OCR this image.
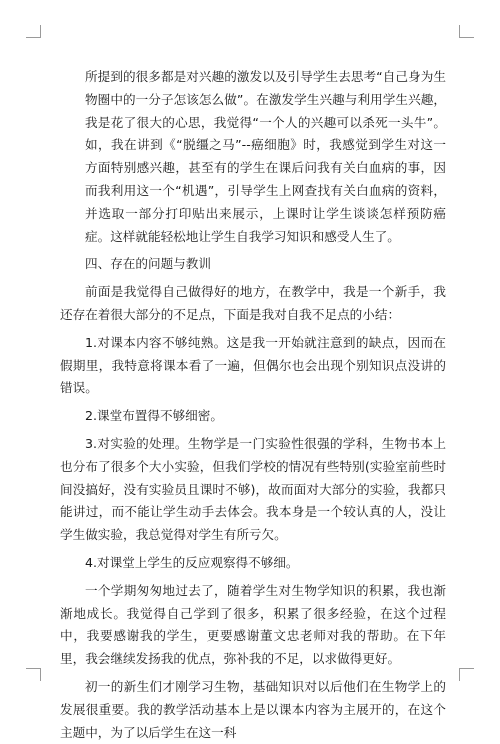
所提到的很多都是对兴趣的激发以及引导学生去思考“自己身为生物圈中的一分子怎该怎么做”。在激发学生兴趣与利用学生兴趣，我是花了很大的心思，我觉得“一个人的兴趣可以杀死一头牛”。如，我在讲到《“脱缰之马”--癌细胞》时，我感觉到学生对这一方面特别感兴趣，甚至有的学生在课后问我有关白血病的事，因而我利用这一个“机遇”，引导学生上网查找有关白血病的资料，并选取一部分打印贴出来展示，上课时让学生谈谈怎样预防癌症。这样就能轻松地让学生自我学习知识和感受人生了。

四、存在的问题与教训

前面是我觉得自己做得好的地方，在教学中，我是一个新手，我还存在着很大部分的不足点，下面是我对自我不足点的小结：

1.对课本内容不够纯熟。这是我一开始就注意到的缺点，因而在假期里，我特意将课本看了一遍，但偶尔也会出现个别知识点没讲的错误。

2.课堂布置得不够细密。

3.对实验的处理。生物学是一门实验性很强的学科，生物书本上也分布了很多个大小实验，但我们学校的情况有些特别(实验室前些时间没搞好，没有实验员且课时不够)，故而面对大部分的实验，我都只能讲过，而不能让学生动手去体会。我本身是一个较认真的人，没让学生做实验，我总觉得对学生有所亏欠。

4.对课堂上学生的反应观察得不够细。

一个学期匆匆地过去了，随着学生对生物学知识的积累，我也渐渐地成长。我觉得自己学到了很多，积累了很多经验，在这个过程中，我要感谢我的学生，更要感谢董文忠老师对我的帮助。在下年里，我会继续发扬我的优点，弥补我的不足，以求做得更好。

初一的新生们才刚学习生物，基础知识对以后他们在生物学上的发展很重要。我的教学活动基本上是以课本内容为主展开的，在这个主题中，为了以后学生在这一科
